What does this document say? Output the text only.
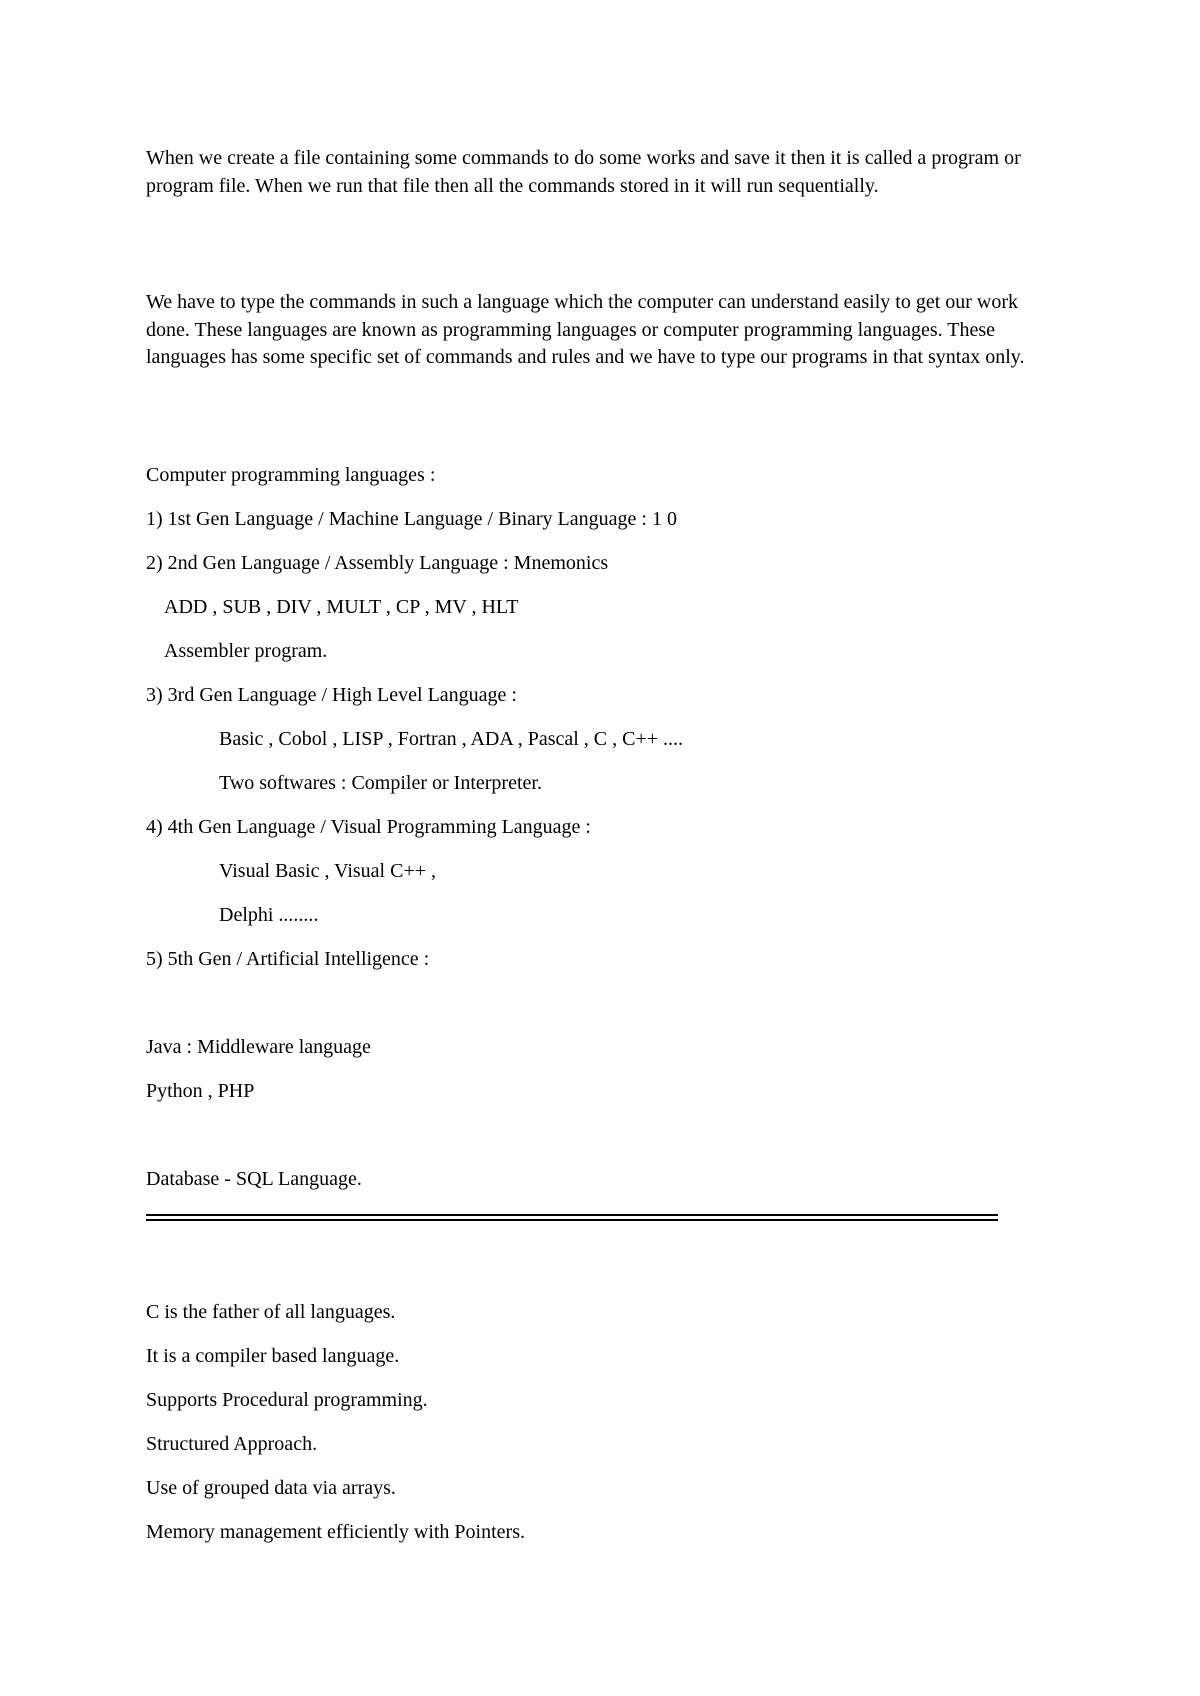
When we create a file containing some commands to do some works and save it then it is called a program or program file. When we run that file then all the commands stored in it will run sequentially.
We have to type the commands in such a language which the computer can understand easily to get our work done. These languages are known as programming languages or computer programming languages. These languages has some specific set of commands and rules and we have to type our programs in that syntax only.
Computer programming languages :
1) 1st Gen Language / Machine Language / Binary Language : 1 0
2) 2nd Gen Language / Assembly Language : Mnemonics
ADD , SUB , DIV , MULT , CP , MV , HLT
Assembler program.
3) 3rd Gen Language / High Level Language :
Basic , Cobol , LISP , Fortran , ADA , Pascal , C , C++ ....
Two softwares : Compiler or Interpreter.
4) 4th Gen Language / Visual Programming Language :
Visual Basic , Visual C++ ,
Delphi ........
5) 5th Gen / Artificial Intelligence :
Java : Middleware language
Python , PHP
Database - SQL Language.
C is the father of all languages.
It is a compiler based language.
Supports Procedural programming.
Structured Approach.
Use of grouped data via arrays.
Memory management efficiently with Pointers.
